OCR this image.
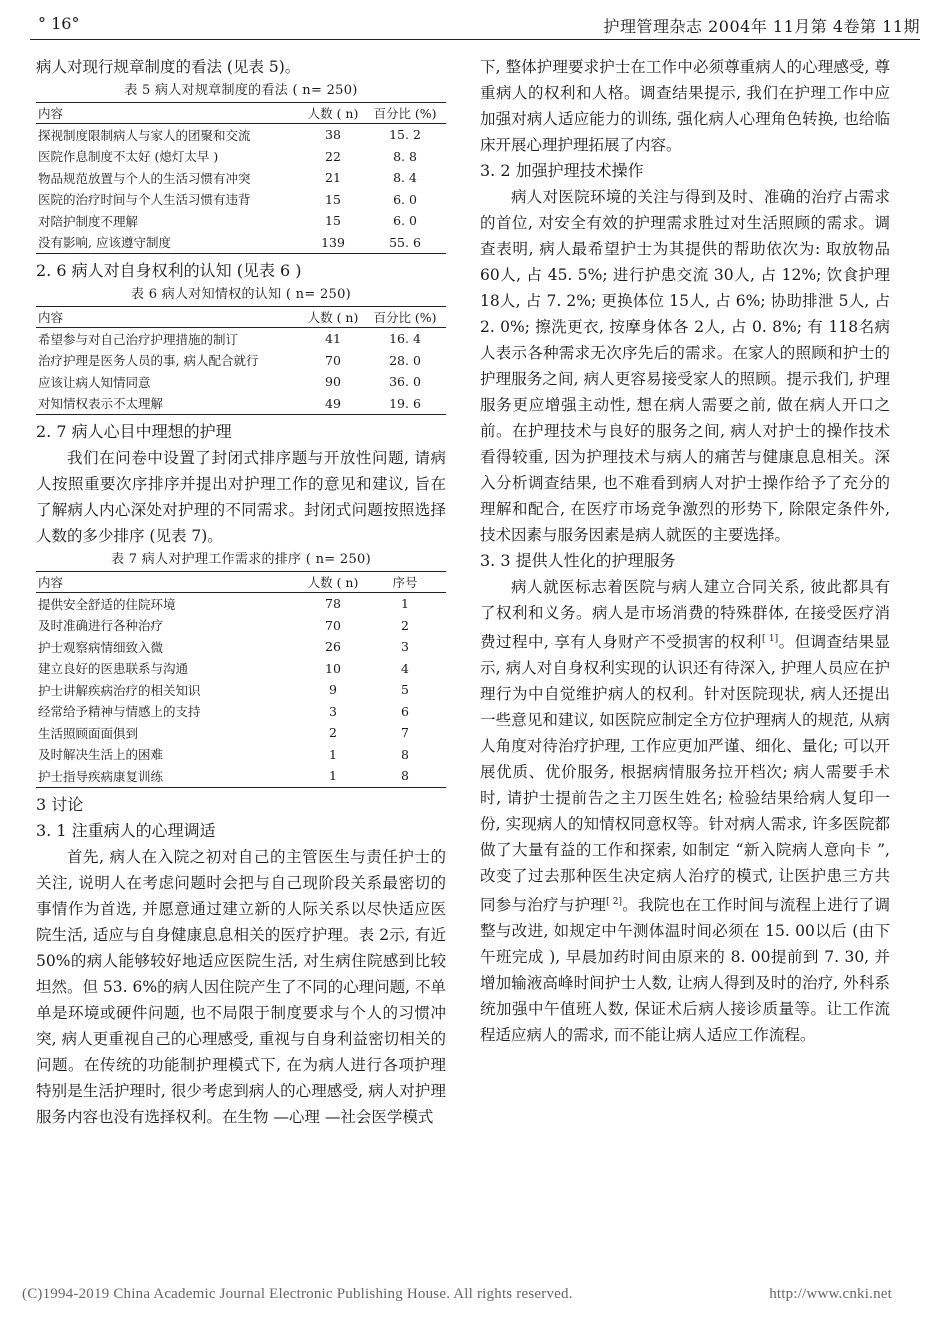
° 16°	护理管理杂志 2004年 11月第 4卷第 11期

病人对现行规章制度的看法 (见表 5)。

表 5 病人对规章制度的看法 ( n= 250)

内容	人数 ( n)	百分比 (%)
探视制度限制病人与家人的团聚和交流	38	15. 2
医院作息制度不太好 (熄灯太早 )	22	8. 8
物品规范放置与个人的生活习惯有冲突	21	8. 4
医院的治疗时间与个人生活习惯有违背	15	6. 0
对陪护制度不理解	15	6. 0
没有影响, 应该遵守制度	139	55. 6
2. 6 病人对自身权利的认知 (见表 6 )

表 6 病人对知情权的认知 ( n= 250)

内容	人数 ( n)	百分比 (%)
希望参与对自己治疗护理措施的制订	41	16. 4
治疗护理是医务人员的事, 病人配合就行	70	28. 0
应该让病人知情同意	90	36. 0
对知情权表示不太理解	49	19. 6
2. 7 病人心目中理想的护理

我们在问卷中设置了封闭式排序题与开放性问题, 请病人按照重要次序排序并提出对护理工作的意见和建议, 旨在了解病人内心深处对护理的不同需求。封闭式问题按照选择人数的多少排序 (见表 7)。

表 7 病人对护理工作需求的排序 ( n= 250)

内容	人数 ( n)	序号
提供安全舒适的住院环境	78	1
及时准确进行各种治疗	70	2
护士观察病情细致入微	26	3
建立良好的医患联系与沟通	10	4
护士讲解疾病治疗的相关知识	9	5
经常给予精神与情感上的支持	3	6
生活照顾面面俱到	2	7
及时解决生活上的困难	1	8
护士指导疾病康复训练	1	8
3 讨论
3. 1 注重病人的心理调适

首先, 病人在入院之初对自己的主管医生与责任护士的关注, 说明人在考虑问题时会把与自己现阶段关系最密切的事情作为首选, 并愿意通过建立新的人际关系以尽快适应医院生活, 适应与自身健康息息相关的医疗护理。表 2示, 有近 50%的病人能够较好地适应医院生活, 对生病住院感到比较坦然。但 53. 6%的病人因住院产生了不同的心理问题, 不单单是环境或硬件问题, 也不局限于制度要求与个人的习惯冲突, 病人更重视自己的心理感受, 重视与自身利益密切相关的问题。在传统的功能制护理模式下, 在为病人进行各项护理特别是生活护理时, 很少考虑到病人的心理感受, 病人对护理服务内容也没有选择权利。在生物 —心理 —社会医学模式

下, 整体护理要求护士在工作中必须尊重病人的心理感受, 尊重病人的权利和人格。调查结果提示, 我们在护理工作中应加强对病人适应能力的训练, 强化病人心理角色转换, 也给临床开展心理护理拓展了内容。

3. 2 加强护理技术操作

病人对医院环境的关注与得到及时、准确的治疗占需求的首位, 对安全有效的护理需求胜过对生活照顾的需求。调查表明, 病人最希望护士为其提供的帮助依次为: 取放物品 60人, 占 45. 5%; 进行护患交流 30人, 占 12%; 饮食护理 18人, 占 7. 2%; 更换体位 15人, 占 6%; 协助排泄 5人, 占 2. 0%; 擦洗更衣, 按摩身体各 2人, 占 0. 8%; 有 118名病人表示各种需求无次序先后的需求。在家人的照顾和护士的护理服务之间, 病人更容易接受家人的照顾。提示我们, 护理服务更应增强主动性, 想在病人需要之前, 做在病人开口之前。在护理技术与良好的服务之间, 病人对护士的操作技术看得较重, 因为护理技术与病人的痛苦与健康息息相关。深入分析调查结果, 也不难看到病人对护士操作给予了充分的理解和配合, 在医疗市场竞争激烈的形势下, 除限定条件外, 技术因素与服务因素是病人就医的主要选择。

3. 3 提供人性化的护理服务

病人就医标志着医院与病人建立合同关系, 彼此都具有了权利和义务。病人是市场消费的特殊群体, 在接受医疗消费过程中, 享有人身财产不受损害的权利[ 1]。但调查结果显示, 病人对自身权利实现的认识还有待深入, 护理人员应在护理行为中自觉维护病人的权利。针对医院现状, 病人还提出一些意见和建议, 如医院应制定全方位护理病人的规范, 从病人角度对待治疗护理, 工作应更加严谨、细化、量化; 可以开展优质、优价服务, 根据病情服务拉开档次; 病人需要手术时, 请护士提前告之主刀医生姓名; 检验结果给病人复印一份, 实现病人的知情权同意权等。针对病人需求, 许多医院都做了大量有益的工作和探索, 如制定 “新入院病人意向卡 ”, 改变了过去那种医生决定病人治疗的模式, 让医护患三方共同参与治疗与护理[ 2]。我院也在工作时间与流程上进行了调整与改进, 如规定中午测体温时间必须在 15. 00以后 (由下午班完成 ), 早晨加药时间由原来的 8. 00提前到 7. 30, 并增加输液高峰时间护士人数, 让病人得到及时的治疗, 外科系统加强中午值班人数, 保证术后病人接诊质量等。让工作流程适应病人的需求, 而不能让病人适应工作流程。

(C)1994-2019 China Academic Journal Electronic Publishing House. All rights reserved.	http://www.cnki.net
